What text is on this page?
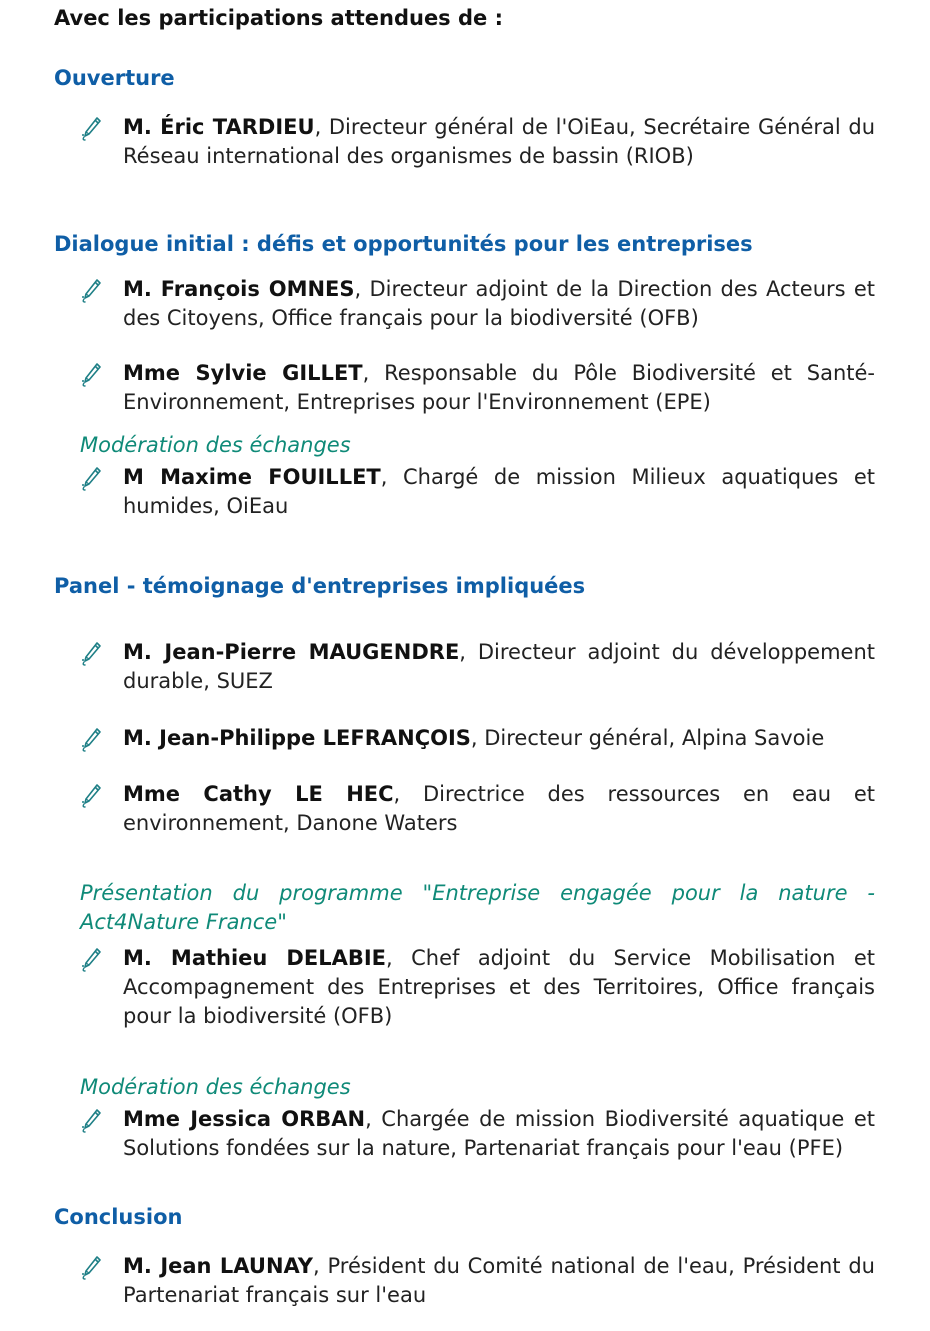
Avec les participations attendues de :
Ouverture
M. Éric TARDIEU, Directeur général de l'OiEau, Secrétaire Général du Réseau international des organismes de bassin (RIOB)
Dialogue initial : défis et opportunités pour les entreprises
M. François OMNES, Directeur adjoint de la Direction des Acteurs et des Citoyens, Office français pour la biodiversité (OFB)
Mme Sylvie GILLET, Responsable du Pôle Biodiversité et Santé-Environnement, Entreprises pour l'Environnement (EPE)
Modération des échanges
M Maxime FOUILLET, Chargé de mission Milieux aquatiques et humides, OiEau
Panel - témoignage d'entreprises impliquées
M. Jean-Pierre MAUGENDRE, Directeur adjoint du développement durable, SUEZ
M. Jean-Philippe LEFRANÇOIS, Directeur général, Alpina Savoie
Mme Cathy LE HEC, Directrice des ressources en eau et environnement, Danone Waters
Présentation du programme "Entreprise engagée pour la nature - Act4Nature France"
M. Mathieu DELABIE, Chef adjoint du Service Mobilisation et Accompagnement des Entreprises et des Territoires, Office français pour la biodiversité (OFB)
Modération des échanges
Mme Jessica ORBAN, Chargée de mission Biodiversité aquatique et Solutions fondées sur la nature, Partenariat français pour l'eau (PFE)
Conclusion
M. Jean LAUNAY, Président du Comité national de l'eau, Président du Partenariat français sur l'eau
